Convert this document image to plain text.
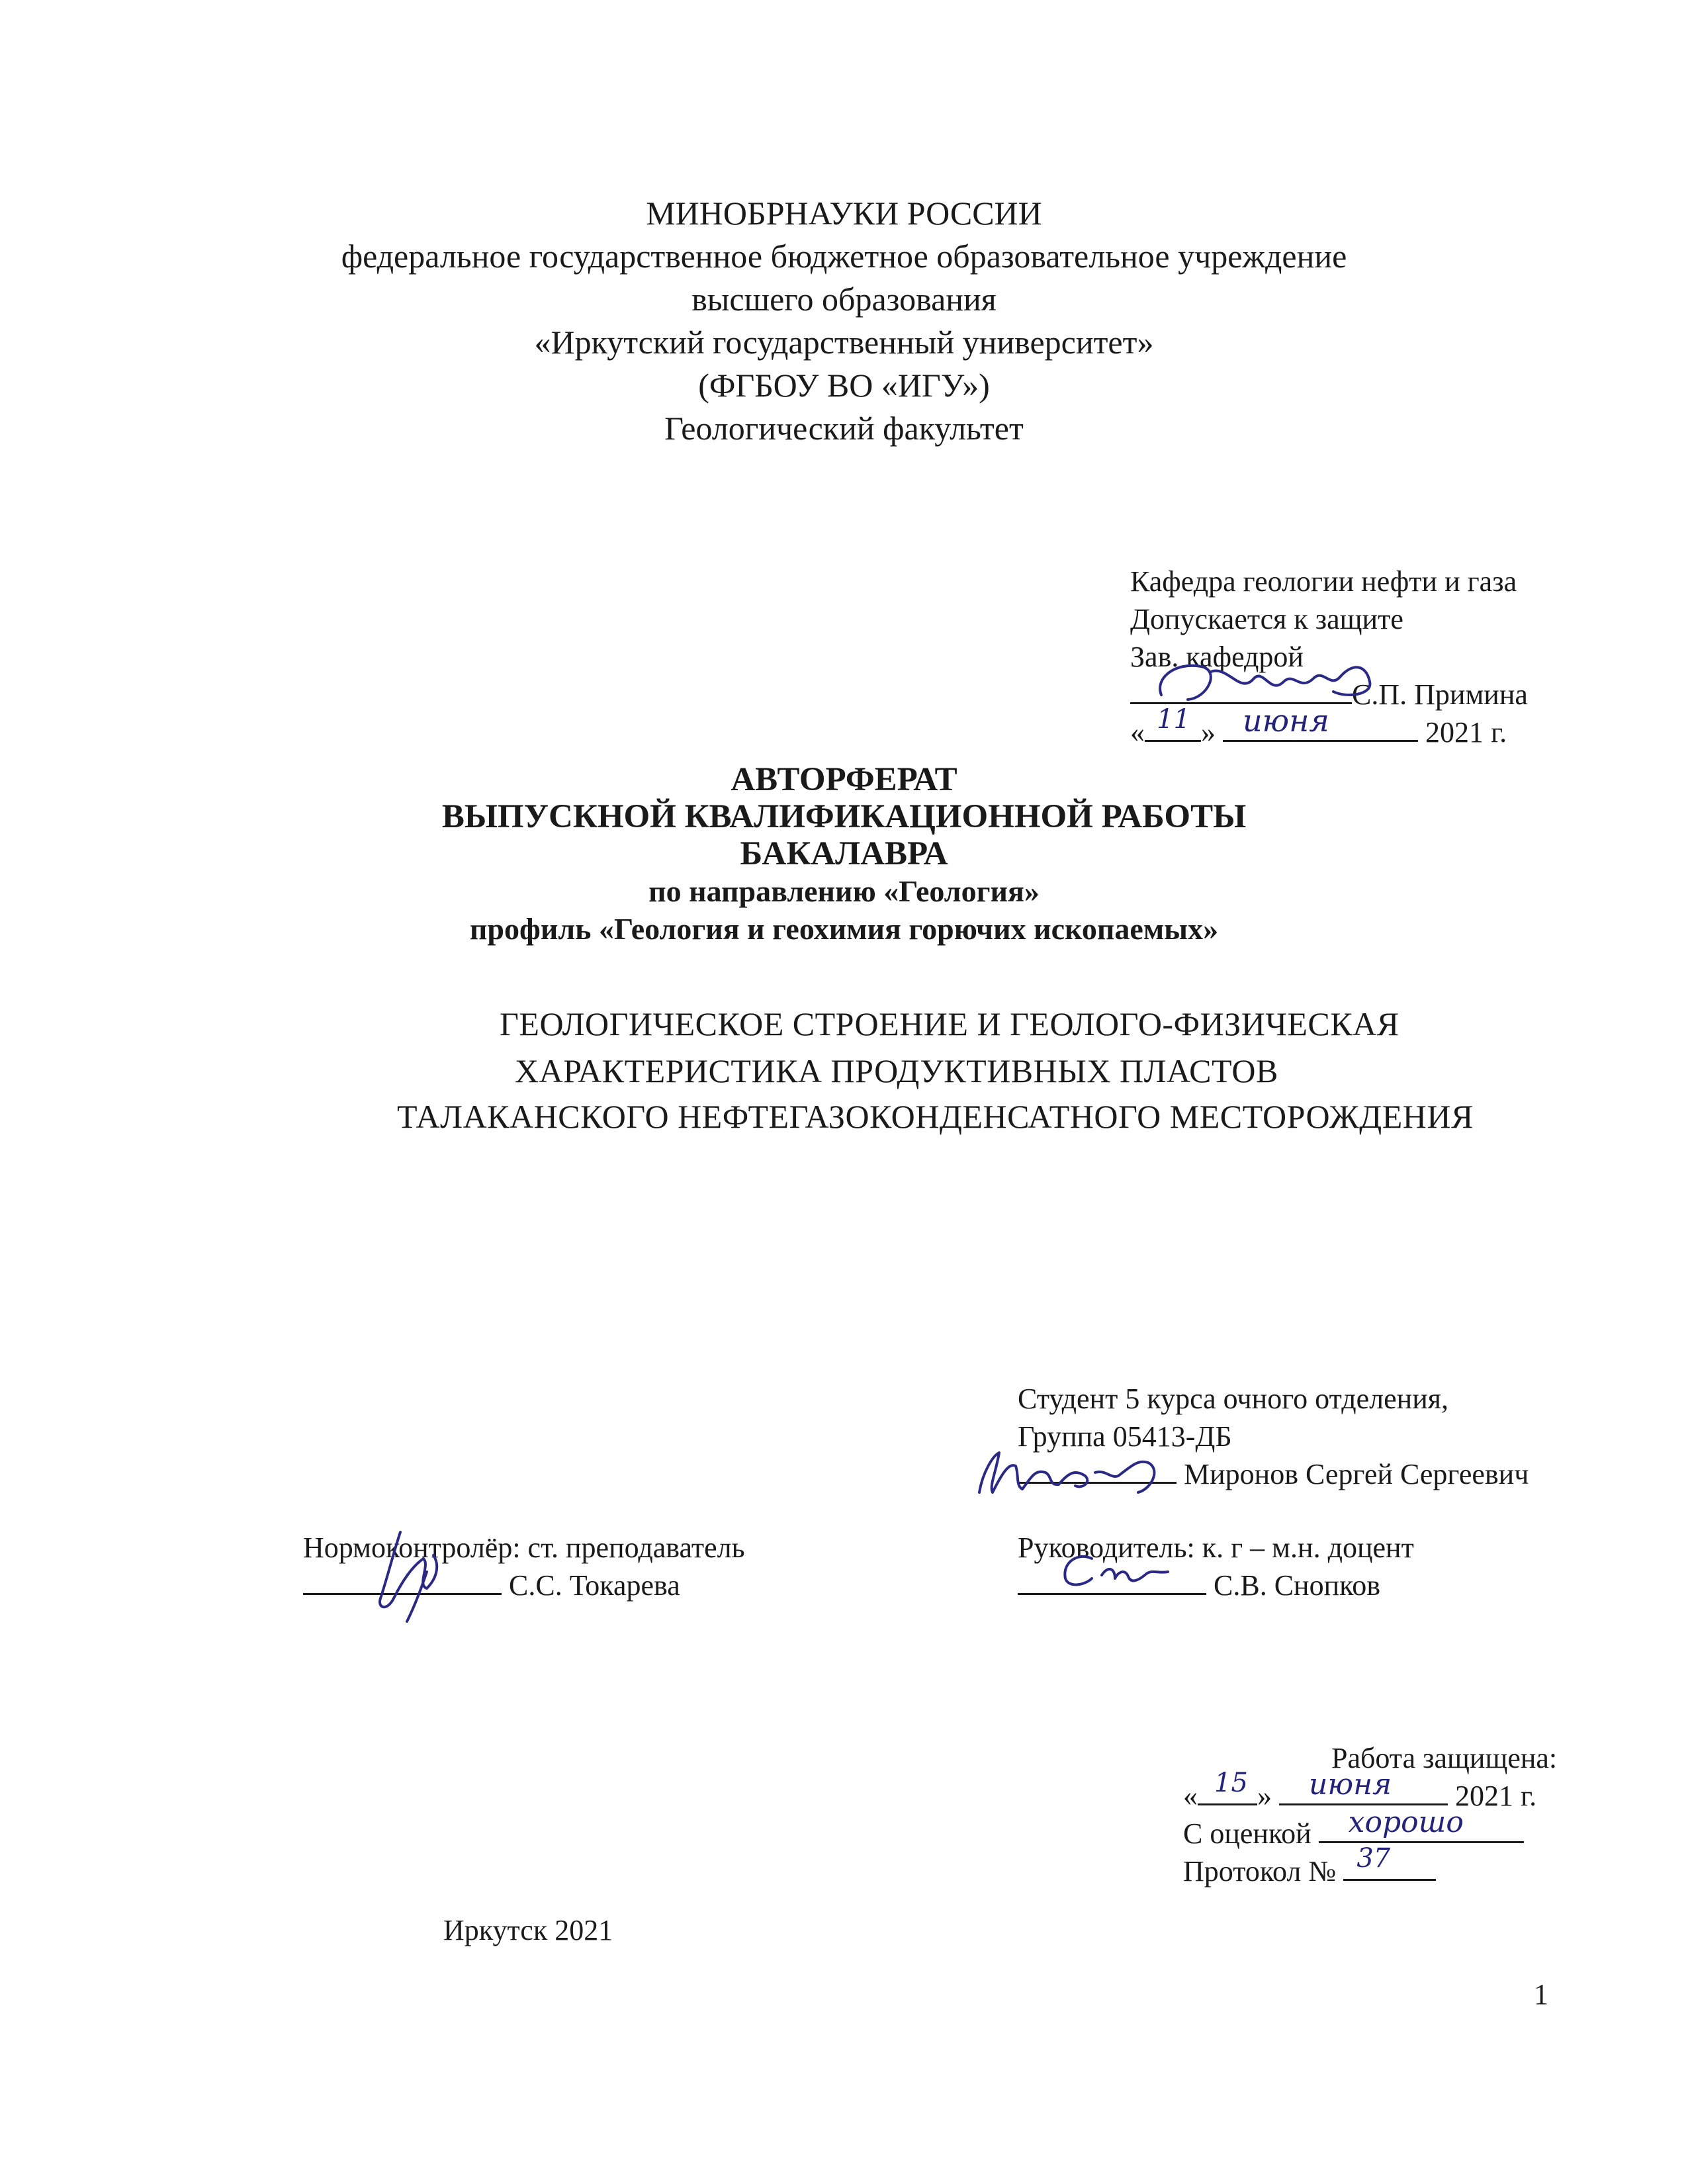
МИНОБРНАУКИ РОССИИ
федеральное государственное бюджетное образовательное учреждение
высшего образования
«Иркутский государственный университет»
(ФГБОУ ВО «ИГУ»)
Геологический факультет
Кафедра геологии нефти и газа
Допускается к защите
Зав. кафедрой
С.П. Примина
« 11 » июня	2021 г.
АВТОРФЕРАТ
ВЫПУСКНОЙ КВАЛИФИКАЦИОННОЙ РАБОТЫ
БАКАЛАВРА
по направлению «Геология»
профиль «Геология и геохимия горючих ископаемых»
ГЕОЛОГИЧЕСКОЕ СТРОЕНИЕ И ГЕОЛОГО-ФИЗИЧЕСКАЯ
ХАРАКТЕРИСТИКА ПРОДУКТИВНЫХ ПЛАСТОВ
ТАЛАКАНСКОГО НЕФТЕГАЗОКОНДЕНСАТНОГО МЕСТОРОЖДЕНИЯ
Студент 5 курса очного отделения,
Группа 05413-ДБ
Миронов Сергей Сергеевич
Нормоконтролёр: ст. преподаватель
С.С. Токарева
Руководитель: к. г – м.н. доцент
С.В. Снопков
Работа защищена:
« 15 » июня 2021 г.
С оценкой хорошо
Протокол № 37
Иркутск 2021
1
